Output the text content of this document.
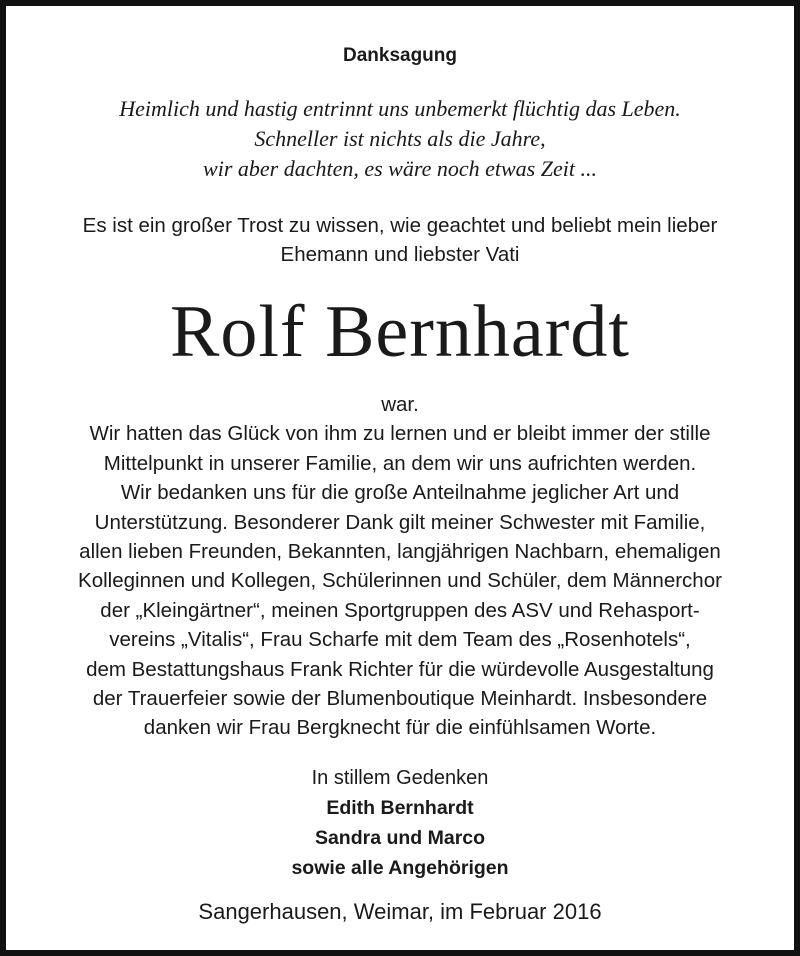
Danksagung
Heimlich und hastig entrinnt uns unbemerkt flüchtig das Leben.
Schneller ist nichts als die Jahre,
wir aber dachten, es wäre noch etwas Zeit ...
Es ist ein großer Trost zu wissen, wie geachtet und beliebt mein lieber
Ehemann und liebster Vati
Rolf Bernhardt
war.
Wir hatten das Glück von ihm zu lernen und er bleibt immer der stille
Mittelpunkt in unserer Familie, an dem wir uns aufrichten werden.
Wir bedanken uns für die große Anteilnahme jeglicher Art und
Unterstützung. Besonderer Dank gilt meiner Schwester mit Familie,
allen lieben Freunden, Bekannten, langjährigen Nachbarn, ehemaligen
Kolleginnen und Kollegen, Schülerinnen und Schüler, dem Männerchor
der „Kleingärtner“, meinen Sportgruppen des ASV und Rehasport-
vereins „Vitalis“, Frau Scharfe mit dem Team des „Rosenhotels“,
dem Bestattungshaus Frank Richter für die würdevolle Ausgestaltung
der Trauerfeier sowie der Blumenboutique Meinhardt. Insbesondere
danken wir Frau Bergknecht für die einfühlsamen Worte.
In stillem Gedenken
Edith Bernhardt
Sandra und Marco
sowie alle Angehörigen
Sangerhausen, Weimar, im Februar 2016
